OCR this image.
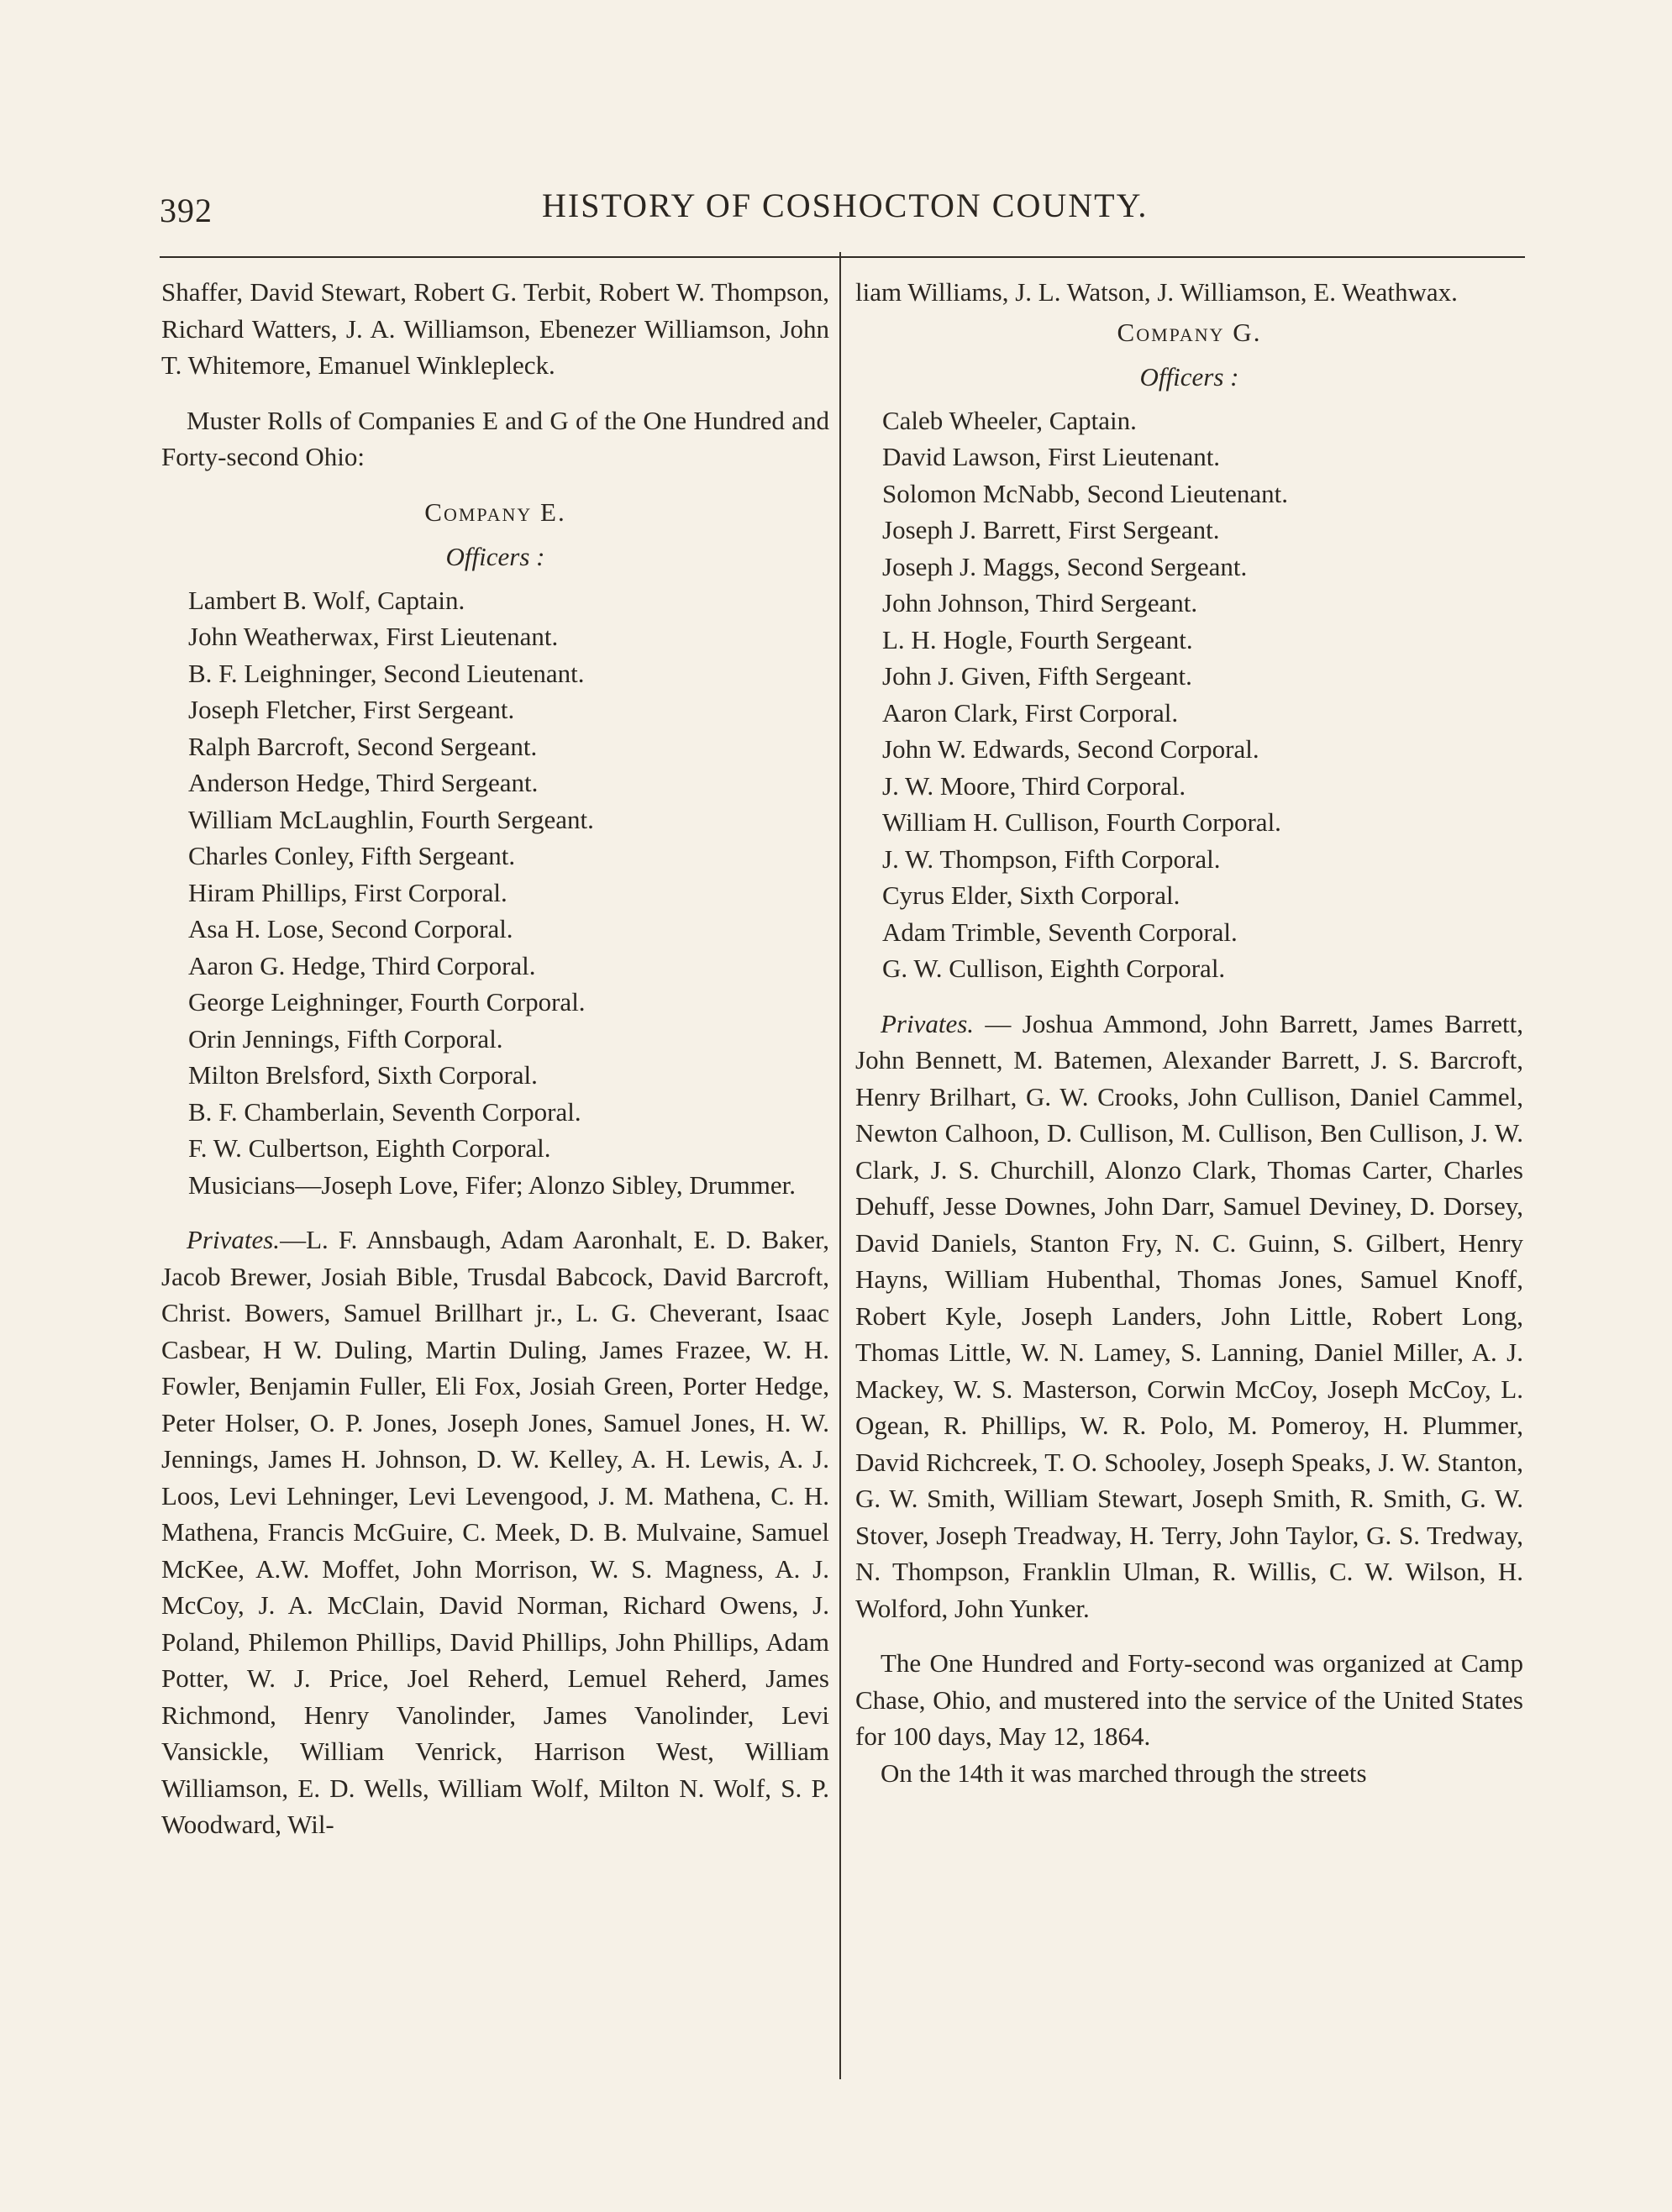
392	HISTORY OF COSHOCTON COUNTY.

Shaffer, David Stewart, Robert G. Terbit, Robert W. Thompson, Richard Watters, J. A. Williamson, Ebenezer Williamson, John T. Whitemore, Emanuel Winklepleck.

Muster Rolls of Companies E and G of the One Hundred and Forty-second Ohio:

Company E.

Officers :

Lambert B. Wolf, Captain.
John Weatherwax, First Lieutenant.
B. F. Leighninger, Second Lieutenant.
Joseph Fletcher, First Sergeant.
Ralph Barcroft, Second Sergeant.
Anderson Hedge, Third Sergeant.
William McLaughlin, Fourth Sergeant.
Charles Conley, Fifth Sergeant.
Hiram Phillips, First Corporal.
Asa H. Lose, Second Corporal.
Aaron G. Hedge, Third Corporal.
George Leighninger, Fourth Corporal.
Orin Jennings, Fifth Corporal.
Milton Brelsford, Sixth Corporal.
B. F. Chamberlain, Seventh Corporal.
F. W. Culbertson, Eighth Corporal.

Musicians—Joseph Love, Fifer; Alonzo Sibley, Drummer.

Privates.—L. F. Annsbaugh, Adam Aaronhalt, E. D. Baker, Jacob Brewer, Josiah Bible, Trusdal Babcock, David Barcroft, Christ. Bowers, Samuel Brillhart jr., L. G. Cheverant, Isaac Casbear, H W. Duling, Martin Duling, James Frazee, W. H. Fowler, Benjamin Fuller, Eli Fox, Josiah Green, Porter Hedge, Peter Holser, O. P. Jones, Joseph Jones, Samuel Jones, H. W. Jennings, James H. Johnson, D. W. Kelley, A. H. Lewis, A. J. Loos, Levi Lehninger, Levi Levengood, J. M. Mathena, C. H. Mathena, Francis McGuire, C. Meek, D. B. Mulvaine, Samuel McKee, A.W. Moffet, John Morrison, W. S. Magness, A. J. McCoy, J. A. McClain, David Norman, Richard Owens, J. Poland, Philemon Phillips, David Phillips, John Phillips, Adam Potter, W. J. Price, Joel Reherd, Lemuel Reherd, James Richmond, Henry Vanolinder, James Vanolinder, Levi Vansickle, William Venrick, Harrison West, William Williamson, E. D. Wells, William Wolf, Milton N. Wolf, S. P. Woodward, Wil-

liam Williams, J. L. Watson, J. Williamson, E. Weathwax.

Company G.

Officers :

Caleb Wheeler, Captain.
David Lawson, First Lieutenant.
Solomon McNabb, Second Lieutenant.
Joseph J. Barrett, First Sergeant.
Joseph J. Maggs, Second Sergeant.
John Johnson, Third Sergeant.
L. H. Hogle, Fourth Sergeant.
John J. Given, Fifth Sergeant.
Aaron Clark, First Corporal.
John W. Edwards, Second Corporal.
J. W. Moore, Third Corporal.
William H. Cullison, Fourth Corporal.
J. W. Thompson, Fifth Corporal.
Cyrus Elder, Sixth Corporal.
Adam Trimble, Seventh Corporal.
G. W. Cullison, Eighth Corporal.

Privates. — Joshua Ammond, John Barrett, James Barrett, John Bennett, M. Batemen, Alexander Barrett, J. S. Barcroft, Henry Brilhart, G. W. Crooks, John Cullison, Daniel Cammel, Newton Calhoon, D. Cullison, M. Cullison, Ben Cullison, J. W. Clark, J. S. Churchill, Alonzo Clark, Thomas Carter, Charles Dehuff, Jesse Downes, John Darr, Samuel Deviney, D. Dorsey, David Daniels, Stanton Fry, N. C. Guinn, S. Gilbert, Henry Hayns, William Hubenthal, Thomas Jones, Samuel Knoff, Robert Kyle, Joseph Landers, John Little, Robert Long, Thomas Little, W. N. Lamey, S. Lanning, Daniel Miller, A. J. Mackey, W. S. Masterson, Corwin McCoy, Joseph McCoy, L. Ogean, R. Phillips, W. R. Polo, M. Pomeroy, H. Plummer, David Richcreek, T. O. Schooley, Joseph Speaks, J. W. Stanton, G. W. Smith, William Stewart, Joseph Smith, R. Smith, G. W. Stover, Joseph Treadway, H. Terry, John Taylor, G. S. Tredway, N. Thompson, Franklin Ulman, R. Willis, C. W. Wilson, H. Wolford, John Yunker.

The One Hundred and Forty-second was organized at Camp Chase, Ohio, and mustered into the service of the United States for 100 days, May 12, 1864.

On the 14th it was marched through the streets
